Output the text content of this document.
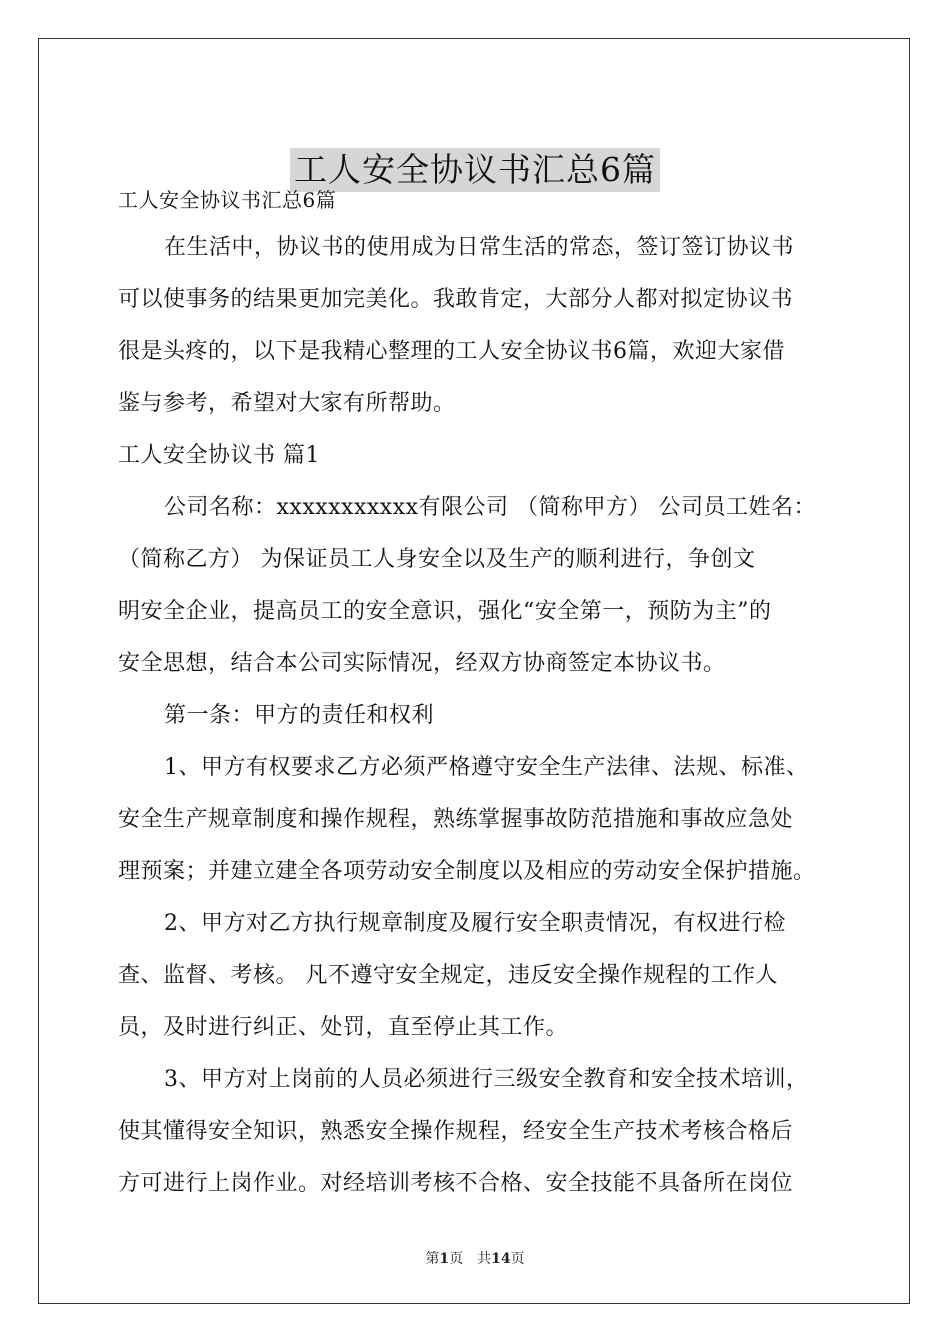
工人安全协议书汇总6篇
工人安全协议书汇总6篇
在生活中，协议书的使用成为日常生活的常态，签订签订协议书
可以使事务的结果更加完美化。我敢肯定，大部分人都对拟定协议书
很是头疼的，以下是我精心整理的工人安全协议书6篇，欢迎大家借
鉴与参考，希望对大家有所帮助。
工人安全协议书 篇1
公司名称：xxxxxxxxxxx有限公司 （简称甲方） 公司员工姓名：
（简称乙方） 为保证员工人身安全以及生产的顺利进行，争创文
明安全企业，提高员工的安全意识，强化“安全第一，预防为主”的
安全思想，结合本公司实际情况，经双方协商签定本协议书。
第一条：甲方的责任和权利
1、甲方有权要求乙方必须严格遵守安全生产法律、法规、标准、
安全生产规章制度和操作规程，熟练掌握事故防范措施和事故应急处
理预案；并建立建全各项劳动安全制度以及相应的劳动安全保护措施。
2、甲方对乙方执行规章制度及履行安全职责情况，有权进行检
查、监督、考核。 凡不遵守安全规定，违反安全操作规程的工作人
员，及时进行纠正、处罚，直至停止其工作。
3、甲方对上岗前的人员必须进行三级安全教育和安全技术培训，
使其懂得安全知识，熟悉安全操作规程，经安全生产技术考核合格后
方可进行上岗作业。对经培训考核不合格、安全技能不具备所在岗位
第1页 共14页
